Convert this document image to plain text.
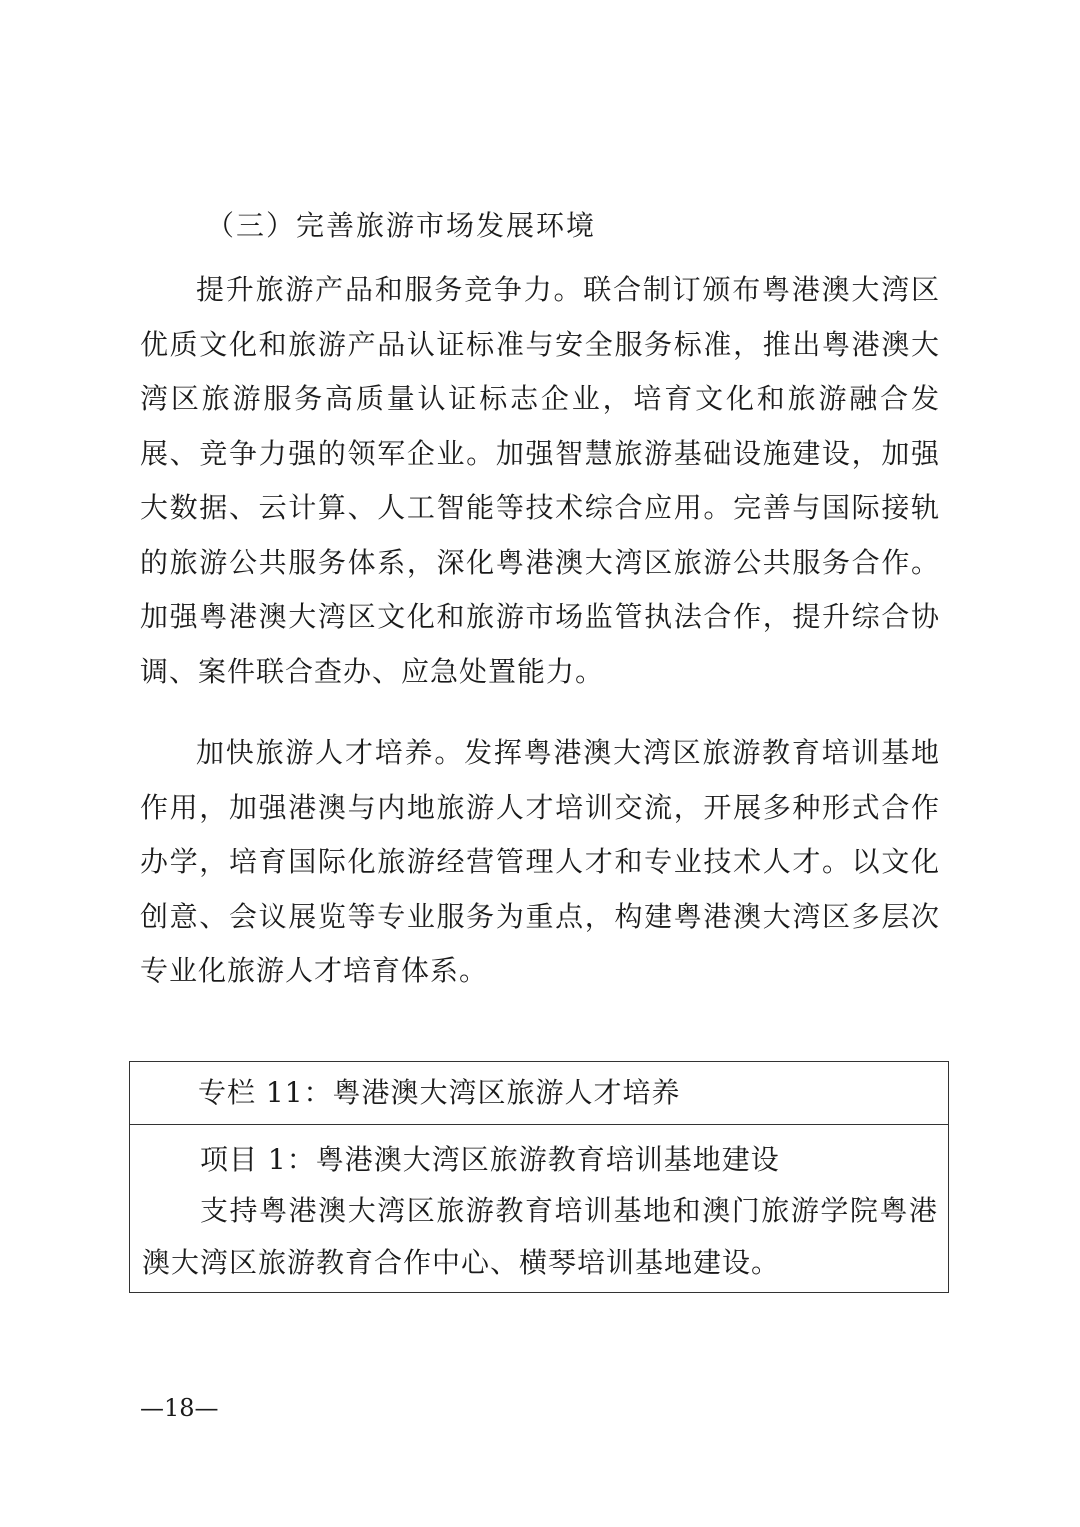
（三）完善旅游市场发展环境

提升旅游产品和服务竞争力。联合制订颁布粤港澳大湾区优质文化和旅游产品认证标准与安全服务标准，推出粤港澳大湾区旅游服务高质量认证标志企业，培育文化和旅游融合发展、竞争力强的领军企业。加强智慧旅游基础设施建设，加强大数据、云计算、人工智能等技术综合应用。完善与国际接轨的旅游公共服务体系，深化粤港澳大湾区旅游公共服务合作。加强粤港澳大湾区文化和旅游市场监管执法合作，提升综合协调、案件联合查办、应急处置能力。

加快旅游人才培养。发挥粤港澳大湾区旅游教育培训基地作用，加强港澳与内地旅游人才培训交流，开展多种形式合作办学，培育国际化旅游经营管理人才和专业技术人才。以文化创意、会议展览等专业服务为重点，构建粤港澳大湾区多层次专业化旅游人才培育体系。

专栏 11：粤港澳大湾区旅游人才培养
项目 1：粤港澳大湾区旅游教育培训基地建设

支持粤港澳大湾区旅游教育培训基地和澳门旅游学院粤港澳大湾区旅游教育合作中心、横琴培训基地建设。

—18—
